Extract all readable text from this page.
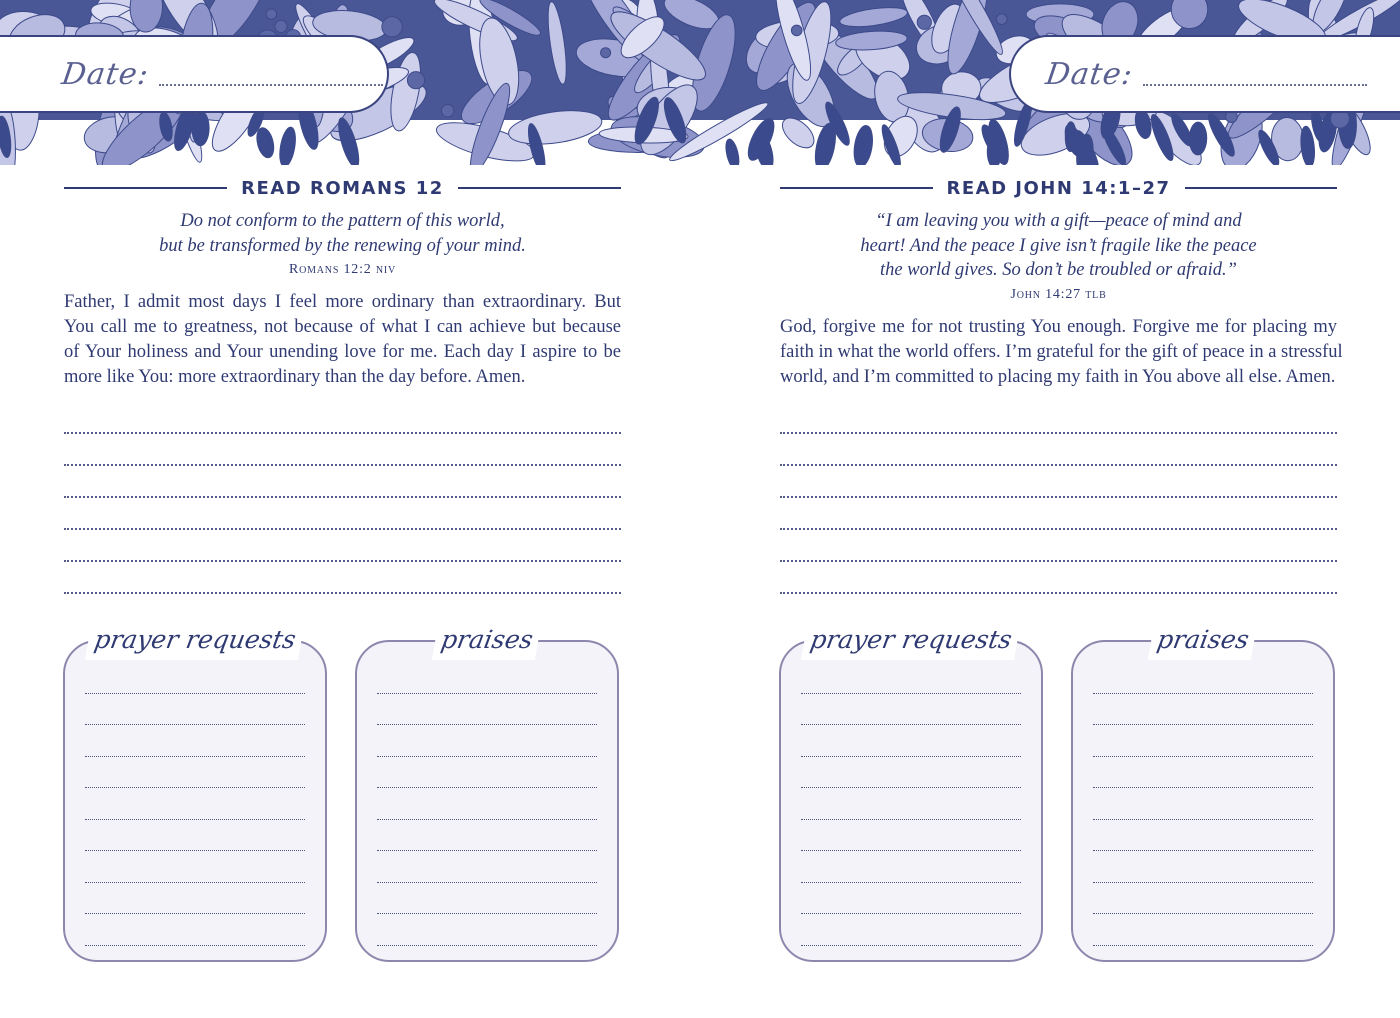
Date:
READ ROMANS 12
Do not conform to the pattern of this world,
but be transformed by the renewing of your mind.
Romans 12:2 niv
Father, I admit most days I feel more ordinary than extraordinary. But
You call me to greatness, not because of what I can achieve but because
of Your holiness and Your unending love for me. Each day I aspire to be
more like You: more extraordinary than the day before. Amen.
prayer requests	praises
Date:
READ JOHN 14:1–27
“I am leaving you with a gift—peace of mind and
heart! And the peace I give isn’t fragile like the peace
the world gives. So don’t be troubled or afraid.”
John 14:27 tlb
God, forgive me for not trusting You enough. Forgive me for placing my
faith in what the world offers. I’m grateful for the gift of peace in a stressful
world, and I’m committed to placing my faith in You above all else. Amen.
prayer requests	praises
